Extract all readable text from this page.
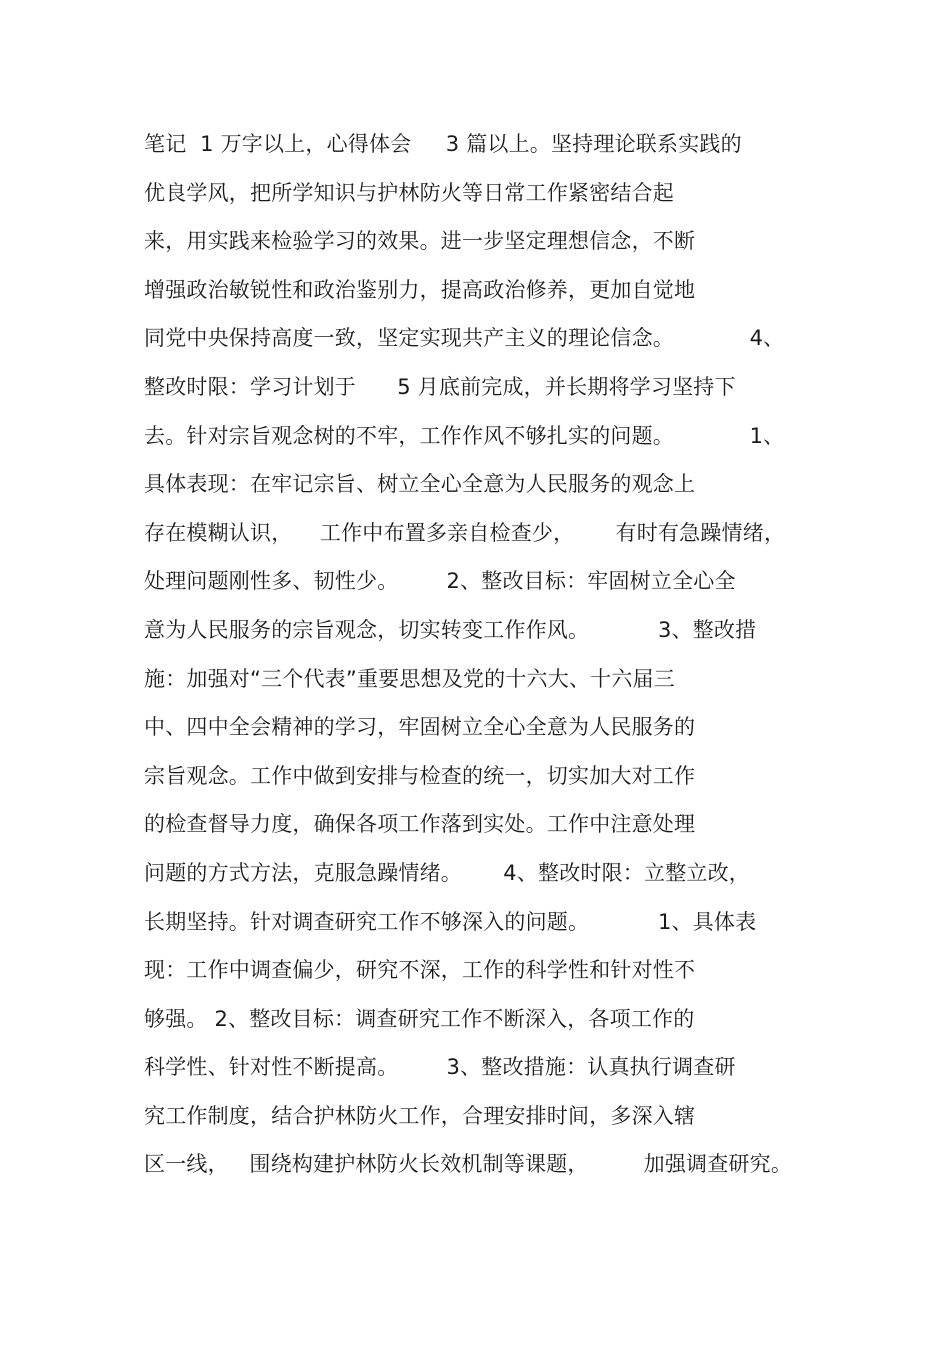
笔记  1 万字以上，心得体会     3 篇以上。坚持理论联系实践的
优良学风，把所学知识与护林防火等日常工作紧密结合起
来，用实践来检验学习的效果。进一步坚定理想信念，不断
增强政治敏锐性和政治鉴别力，提高政治修养，更加自觉地
同党中央保持高度一致，坚定实现共产主义的理论信念。           4、
整改时限：学习计划于      5 月底前完成，并长期将学习坚持下
去。针对宗旨观念树的不牢，工作作风不够扎实的问题。           1、
具体表现：在牢记宗旨、树立全心全意为人民服务的观念上
存在模糊认识，    工作中布置多亲自检查少，      有时有急躁情绪，
处理问题刚性多、韧性少。       2、整改目标：牢固树立全心全
意为人民服务的宗旨观念，切实转变工作作风。          3、整改措
施：加强对“三个代表”重要思想及党的十六大、十六届三
中、四中全会精神的学习，牢固树立全心全意为人民服务的
宗旨观念。工作中做到安排与检查的统一，切实加大对工作
的检查督导力度，确保各项工作落到实处。工作中注意处理
问题的方式方法，克服急躁情绪。      4、整改时限：立整立改，
长期坚持。针对调查研究工作不够深入的问题。          1、具体表
现：工作中调查偏少，研究不深，工作的科学性和针对性不
够强。 2、整改目标：调查研究工作不断深入，各项工作的
科学性、针对性不断提高。       3、整改措施：认真执行调查研
究工作制度，结合护林防火工作，合理安排时间，多深入辖
区一线，   围绕构建护林防火长效机制等课题，        加强调查研究。
